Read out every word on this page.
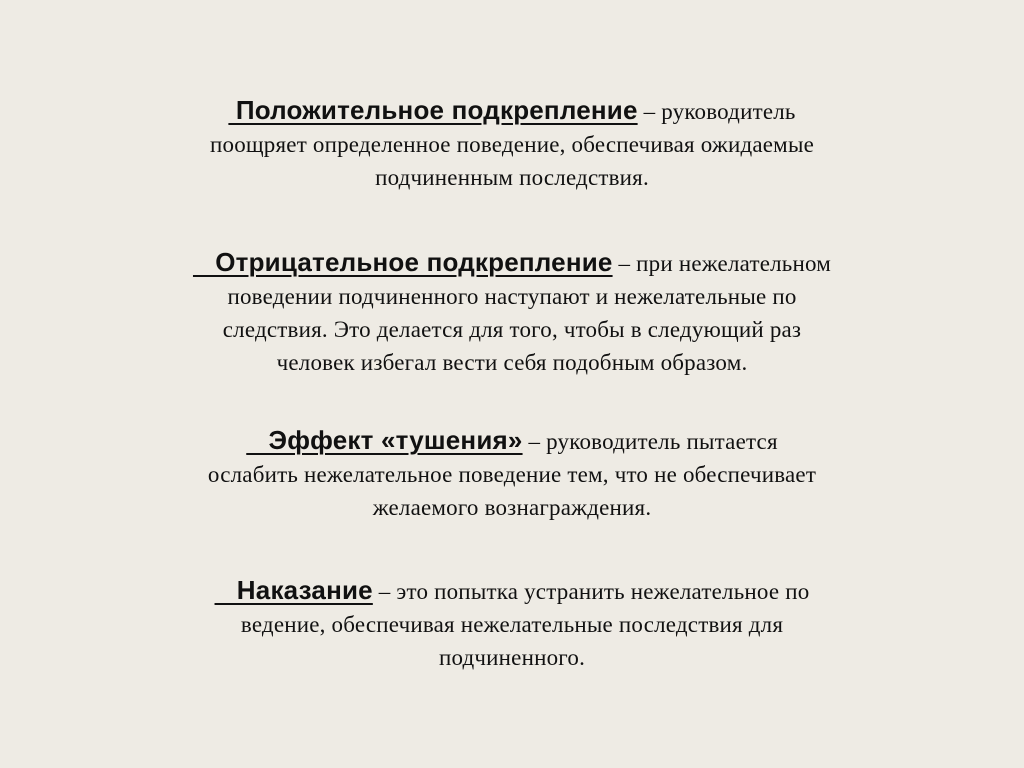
Положительное подкрепление – руководитель
поощряет определенное поведение, обеспечивая ожидаемые
подчиненным последствия.
Отрицательное подкрепление – при нежелательном
поведении подчиненного наступают и нежелательные по
следствия. Это делается для того, чтобы в следующий раз
человек избегал вести себя подобным образом.
Эффект «тушения» – руководитель пытается
ослабить нежелательное поведение тем, что не обеспечивает
желаемого вознаграждения.
Наказание – это попытка устранить нежелательное по
ведение, обеспечивая нежелательные последствия для
подчиненного.
